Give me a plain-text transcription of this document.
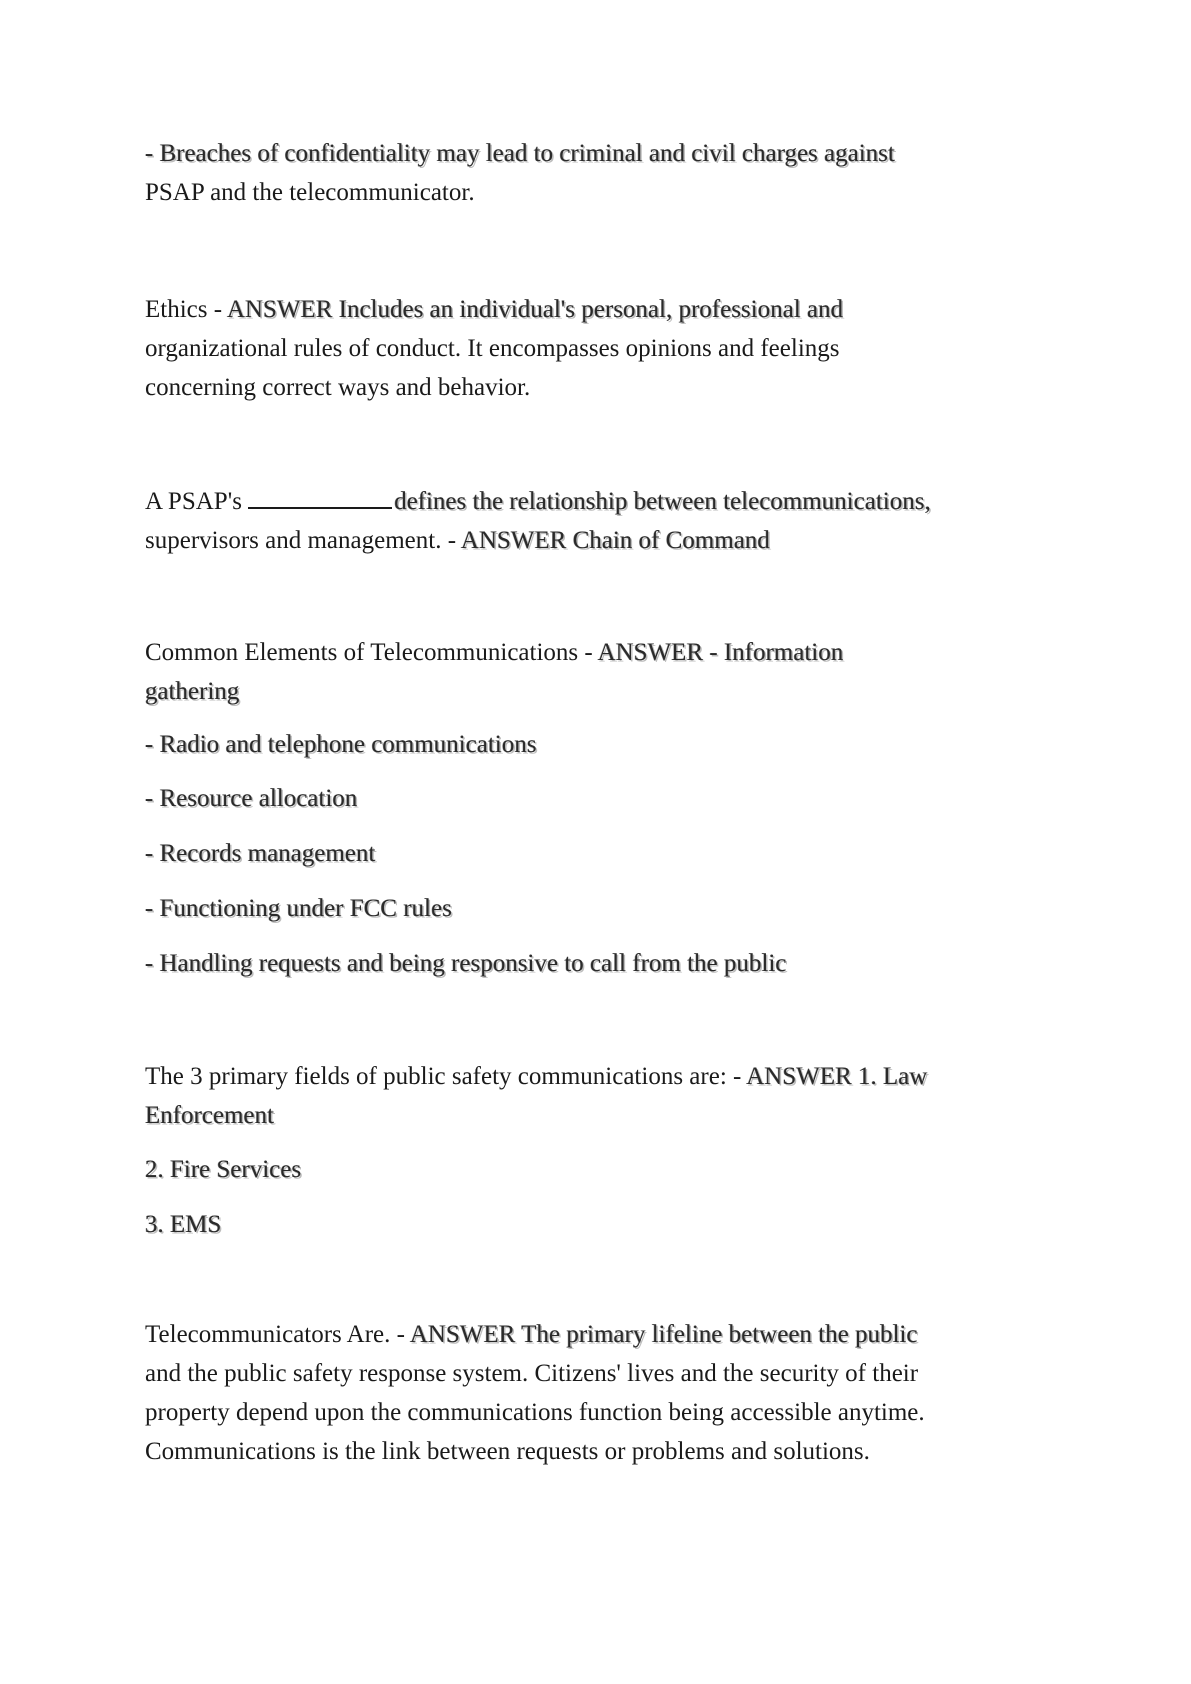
- Breaches of confidentiality may lead to criminal and civil charges against
PSAP and the telecommunicator.
Ethics - ANSWER Includes an individual's personal, professional and
organizational rules of conduct. It encompasses opinions and feelings
concerning correct ways and behavior.
A PSAP's	defines the relationship between telecommunications,
supervisors and management. - ANSWER Chain of Command
Common Elements of Telecommunications - ANSWER - Information
gathering
- Radio and telephone communications
- Resource allocation
- Records management
- Functioning under FCC rules
- Handling requests and being responsive to call from the public
The 3 primary fields of public safety communications are: - ANSWER 1. Law
Enforcement
2. Fire Services
3. EMS
Telecommunicators Are. - ANSWER The primary lifeline between the public
and the public safety response system. Citizens' lives and the security of their
property depend upon the communications function being accessible anytime.
Communications is the link between requests or problems and solutions.
